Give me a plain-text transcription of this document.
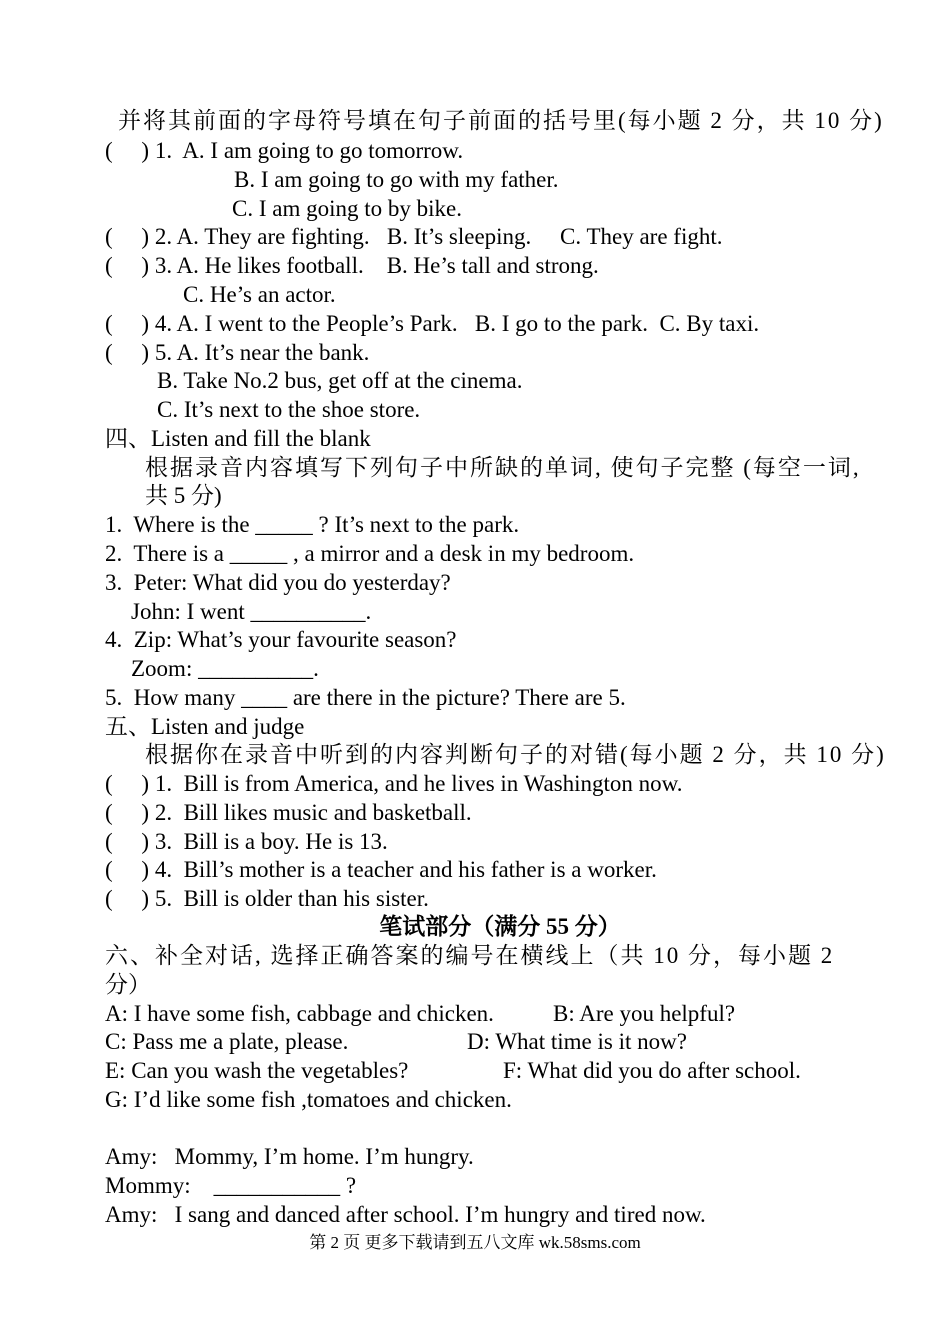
并将其前面的字母符号填在句子前面的括号里(每小题 2 分，共 10 分)
(     ) 1.  A. I am going to go tomorrow.
B. I am going to go with my father.
C. I am going to by bike.
(     ) 2. A. They are fighting.   B. It’s sleeping.     C. They are fight.
(     ) 3. A. He likes football.    B. He’s tall and strong.
C. He’s an actor.
(     ) 4. A. I went to the People’s Park.   B. I go to the park.  C. By taxi.
(     ) 5. A. It’s near the bank.
B. Take No.2 bus, get off at the cinema.
C. It’s next to the shoe store.
四、Listen and fill the blank
根据录音内容填写下列句子中所缺的单词, 使句子完整 (每空一词,
共 5 分)
1.  Where is the _____ ? It’s next to the park.
2.  There is a _____ , a mirror and a desk in my bedroom.
3.  Peter: What did you do yesterday?
John: I went __________.
4.  Zip: What’s your favourite season?
Zoom: __________.
5.  How many ____ are there in the picture? There are 5.
五、Listen and judge
根据你在录音中听到的内容判断句子的对错(每小题 2 分，共 10 分)
(     ) 1.  Bill is from America, and he lives in Washington now.
(     ) 2.  Bill likes music and basketball.
(     ) 3.  Bill is a boy. He is 13.
(     ) 4.  Bill’s mother is a teacher and his father is a worker.
(     ) 5.  Bill is older than his sister.
笔试部分（满分 55 分）
六、补全对话, 选择正确答案的编号在横线上（共 10 分，每小题 2
分）
A: I have some fish, cabbage and chicken.	B: Are you helpful?
C: Pass me a plate, please.	D: What time is it now?
E: Can you wash the vegetables?	F: What did you do after school.
G: I’d like some fish ,tomatoes and chicken.
Amy:   Mommy, I’m home. I’m hungry.
Mommy:    ___________ ?
Amy:   I sang and danced after school. I’m hungry and tired now.
第 2 页 更多下载请到五八文库 wk.58sms.com
